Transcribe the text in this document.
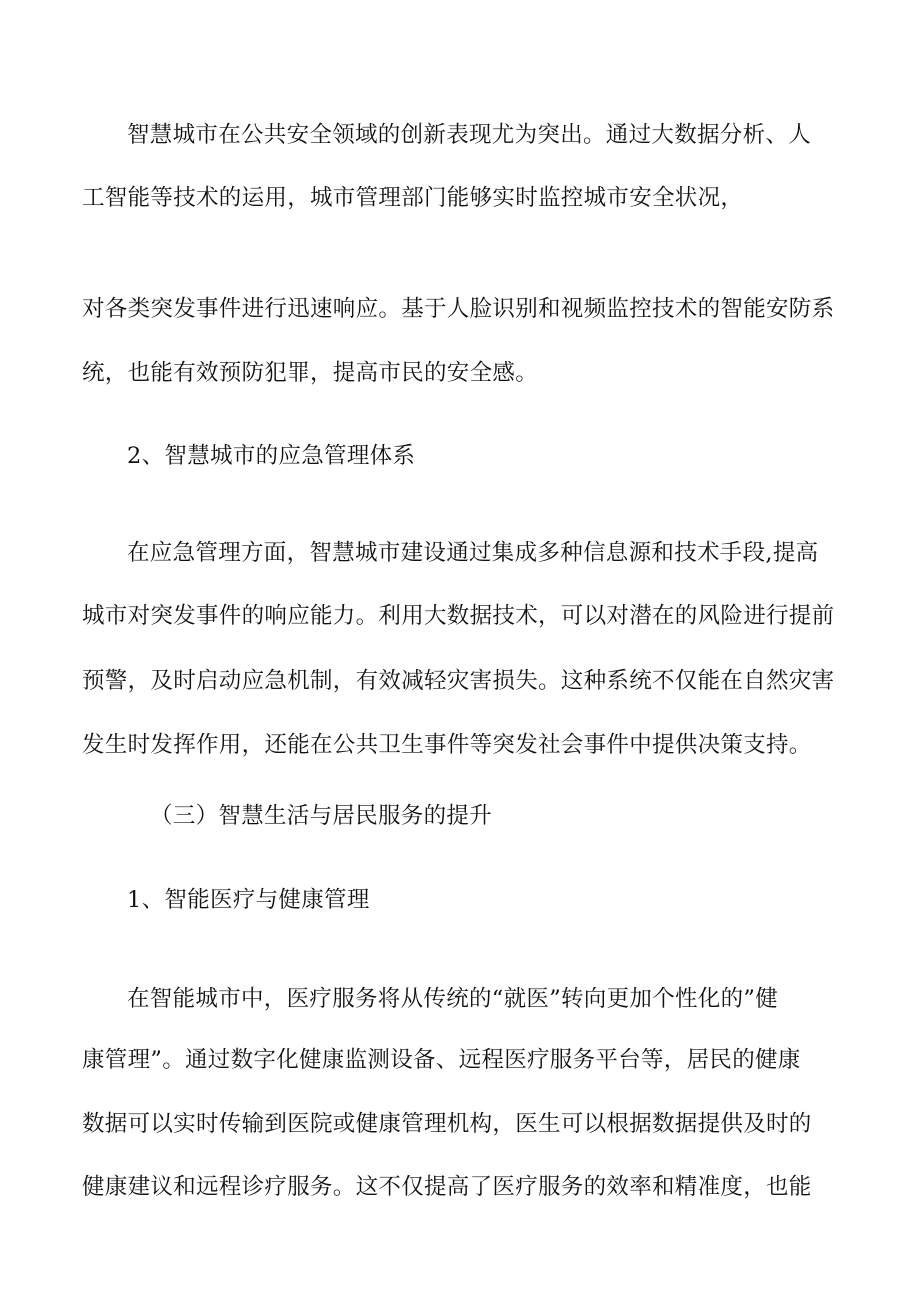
智慧城市在公共安全领域的创新表现尤为突出。通过大数据分析、人
工智能等技术的运用，城市管理部门能够实时监控城市安全状况，
对各类突发事件进行迅速响应。基于人脸识别和视频监控技术的智能安防系
统，也能有效预防犯罪，提高市民的安全感。
2、智慧城市的应急管理体系
在应急管理方面，智慧城市建设通过集成多种信息源和技术手段,提高
城市对突发事件的响应能力。利用大数据技术，可以对潜在的风险进行提前
预警，及时启动应急机制，有效减轻灾害损失。这种系统不仅能在自然灾害
发生时发挥作用，还能在公共卫生事件等突发社会事件中提供决策支持。
（三）智慧生活与居民服务的提升
1、智能医疗与健康管理
在智能城市中，医疗服务将从传统的“就医”转向更加个性化的”健
康管理”。通过数字化健康监测设备、远程医疗服务平台等，居民的健康
数据可以实时传输到医院或健康管理机构，医生可以根据数据提供及时的
健康建议和远程诊疗服务。这不仅提高了医疗服务的效率和精准度，也能
